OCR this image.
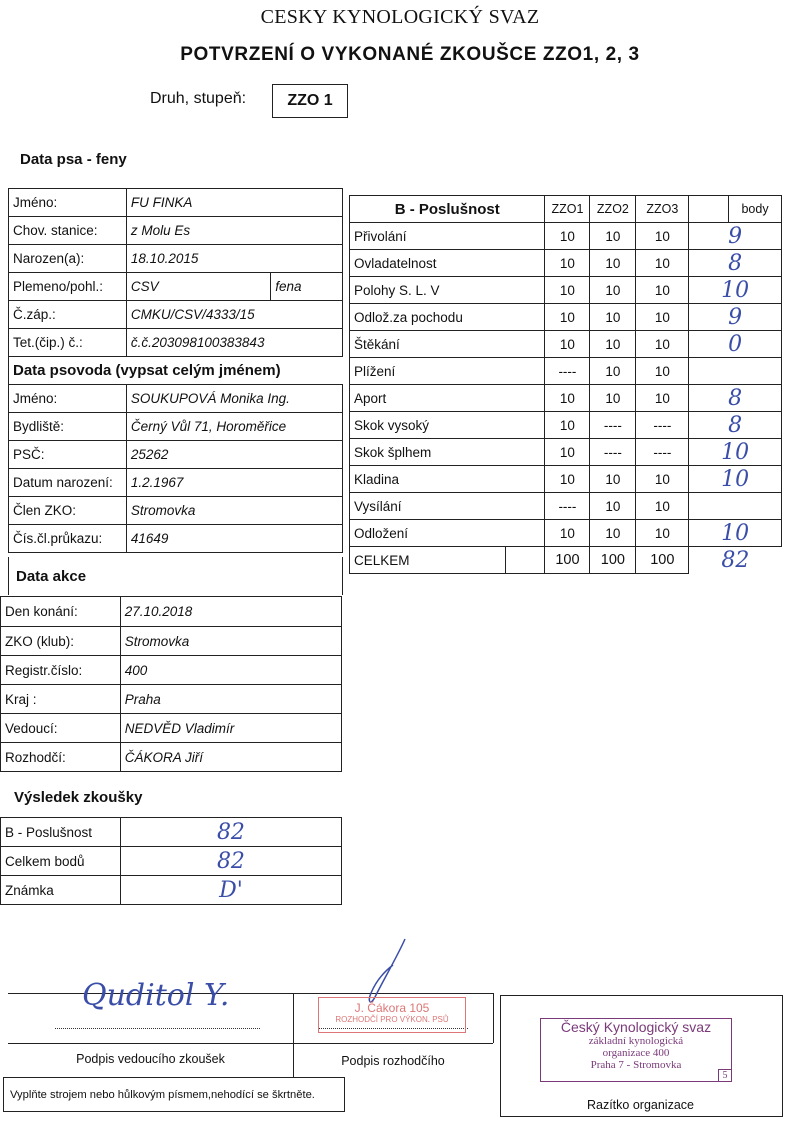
CESKY KYNOLOGICKÝ SVAZ
POTVRZENÍ O VYKONANÉ ZKOUŠCE ZZO1, 2, 3
Druh, stupeň:	ZZO 1
Data psa - feny
Jméno:	FU FINKA	
Chov. stanice:	z Molu Es	
Narozen(a):	18.10.2015	
Plemeno/pohl.:	CSV	fena
Č.záp.:	CMKU/CSV/4333/15	
Tet.(čip.) č.:	č.č.203098100383843	
Data psovoda (vypsat celým jménem)		
Jméno:	SOUKUPOVÁ Monika Ing.	
Bydliště:	Černý Vůl 71, Horoměřice	
PSČ:	25262	
Datum narození:	1.2.1967	
Člen ZKO:	Stromovka	
Čís.čl.průkazu:	41649	
Data akce
Den konání:	27.10.2018
ZKO (klub):	Stromovka
Registr.číslo:	400
Kraj :	Praha
Vedoucí:	NEDVĚD Vladimír
Rozhodčí:	ČÁKORA Jiří
Výsledek zkoušky
B - Poslušnost	82
Celkem bodů	82
Známka	D'
B - Poslušnost		ZZO1	ZZO2	ZZO3		body
Přivolání		10	10	10	9	
Ovladatelnost		10	10	10	8	
Polohy S. L. V		10	10	10	10	
Odlož.za pochodu		10	10	10	9	
Štěkání		10	10	10	0	
Plížení		----	10	10		
Aport		10	10	10	8	
Skok vysoký		10	----	----	8	
Skok šplhem		10	----	----	10	
Kladina		10	10	10	10	
Vysílání		----	10	10		
Odložení		10	10	10	10	
CELKEM		100	100	100	82	
Quditol Y.	J. Čákora 105
ROZHODČÍ PRO VÝKON. PSŮ
Podpis vedoucího zkoušek	Podpis rozhodčího
Vyplňte strojem nebo hůlkovým písmem,nehodící se škrtněte.
Český Kynologický svaz
základní kynologická
organizace 400
Praha 7 - Stromovka
5
Razítko organizace
